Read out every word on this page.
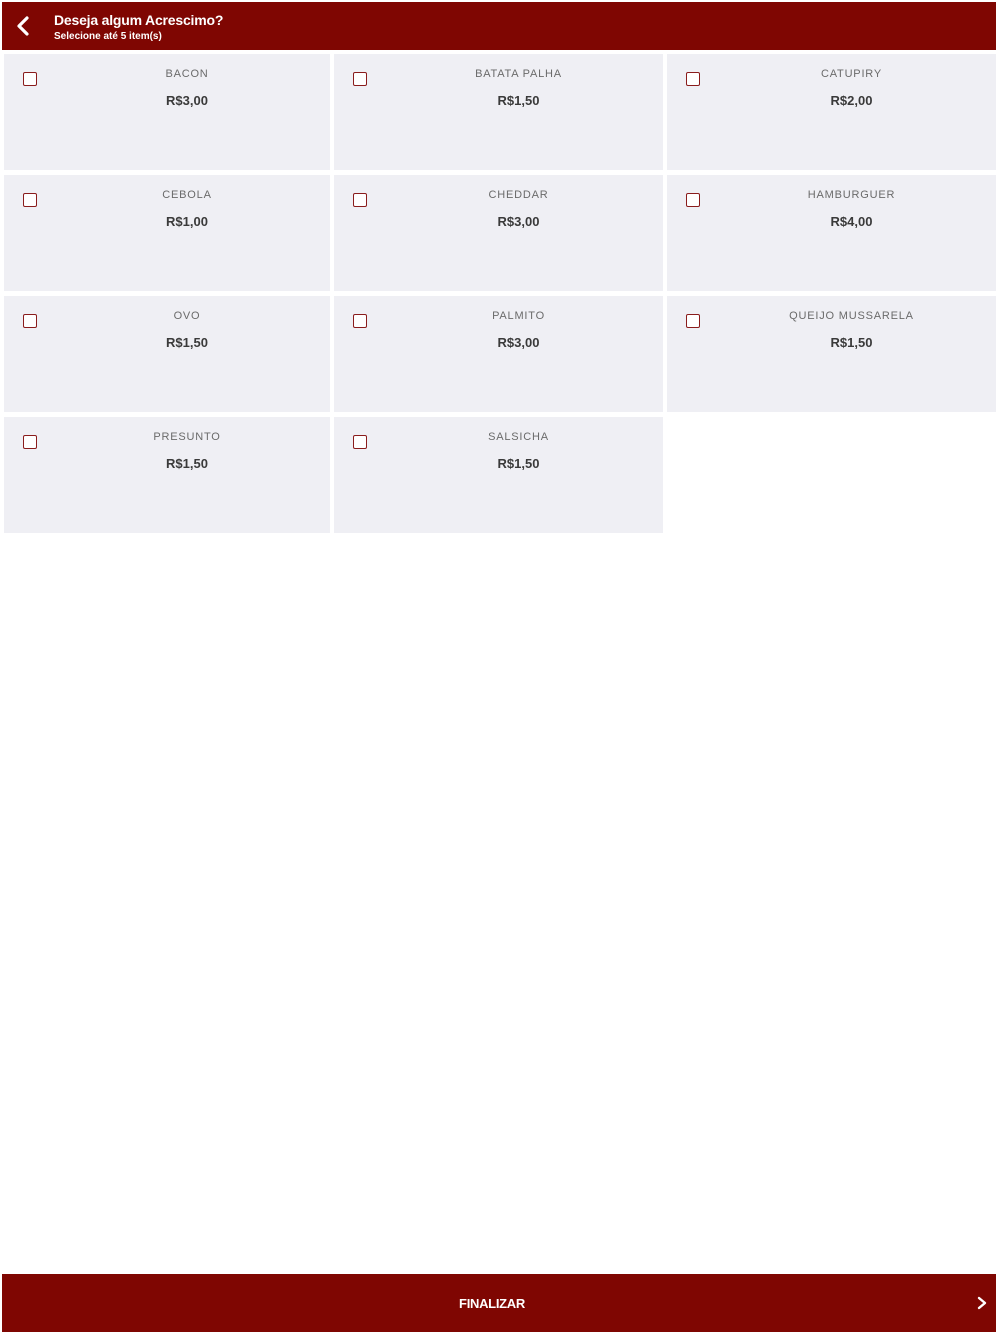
Deseja algum Acrescimo?
Selecione até 5 item(s)
BACON
R$3,00
BATATA PALHA
R$1,50
CATUPIRY
R$2,00
CEBOLA
R$1,00
CHEDDAR
R$3,00
HAMBURGUER
R$4,00
OVO
R$1,50
PALMITO
R$3,00
QUEIJO MUSSARELA
R$1,50
PRESUNTO
R$1,50
SALSICHA
R$1,50
FINALIZAR
